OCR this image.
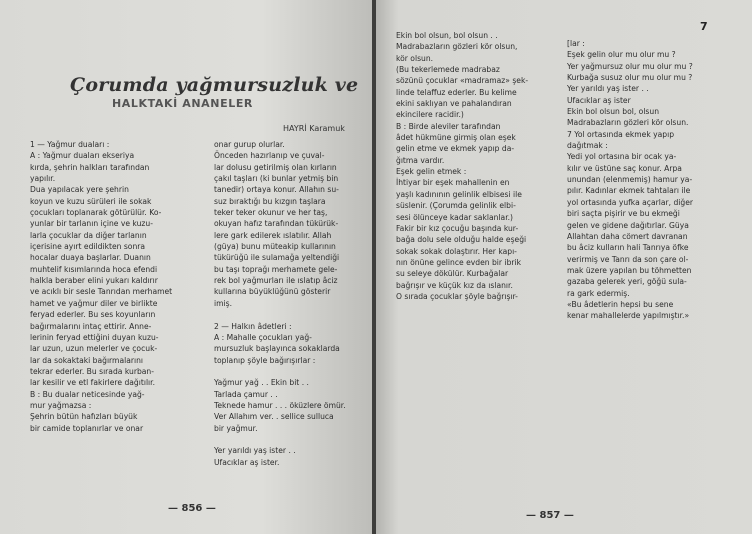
Çorumda yağmursuzluk ve
HALKTAKİ ANANELER
HAYRİ Karamuk
1 — Yağmur duaları :
A : Yağmur duaları ekseriya
kırda, şehrin halkları tarafından
yapılır.
Dua yapılacak yere şehrin
koyun ve kuzu sürüleri ile sokak
çocukları toplanarak götürülür. Ko-
yunlar bir tarlanın içine ve kuzu-
larla çocuklar da diğer tarlanın
içerisine ayırt edildikten sonra
hocalar duaya başlarlar. Duanın
muhtelif kısımlarında hoca efendi
halkla beraber elini yukarı kaldırır
ve acıklı bir sesle Tanrıdan merhamet
hamet ve yağmur diler ve birlikte
feryad ederler. Bu ses koyunların
bağırmalarını intaç ettirir. Anne-
lerinin feryad ettiğini duyan kuzu-
lar uzun, uzun melerler ve çocuk-
lar da sokaktaki bağırmalarını
tekrar ederler. Bu sırada kurban-
lar kesilir ve etl fakirlere dağıtılır.
B : Bu dualar neticesinde yağ-
mur yağmazsa :
Şehrin bütün hafızları büyük
bir camide toplanırlar ve onar
onar gurup olurlar.
Önceden hazırlanıp ve çuval-
lar dolusu getirilmiş olan kırların
çakıl taşları (ki bunlar yetmiş bin
tanedir) ortaya konur. Allahın su-
suz bıraktığı bu kızgın taşlara
teker teker okunur ve her taş,
okuyan hafız tarafından tükürük-
lere gark edilerek ıslatılır. Allah
(güya) bunu müteakip kullarının
tükürüğü ile sulamağa yeltendiği
bu taşı toprağı merhamete gele-
rek bol yağmurları ile ıslatıp âciz
kullarına büyüklüğünü gösterir
imiş.
2 — Halkın âdetleri :
A : Mahalle çocukları yağ-
mursuzluk başlayınca sokaklarda
toplanıp şöyle bağırışırlar :
Yağmur yağ . . Ekin bit . .
Tarlada çamur . .
Teknede hamur . . . öküzlere ömür.
Ver Allahım ver. . sellice sulluca
bir yağmur.
Yer yarıldı yaş ister . .
Ufacıklar aş ister.
— 856 —
Ekin bol olsun, bol olsun . .
Madrabazların gözleri kör olsun,
kör olsun.
(Bu tekerlemede madrabaz
sözünü çocuklar «madramaz» şek-
linde telaffuz ederler. Bu kelime
ekini saklıyan ve pahalandıran
ekincilere racidir.)
B : Birde aleviler tarafından
âdet hükmüne girmiş olan eşek
gelin etme ve ekmek yapıp da-
ğıtma vardır.
Eşek gelin etmek :
İhtiyar bir eşek mahallenin en
yaşlı kadınının gelinlik elbisesi ile
süslenir. (Çorumda gelinlik elbi-
sesi ölünceye kadar saklanlar.)
Fakir bir kız çocuğu başında kur-
bağa dolu sele olduğu halde eşeği
sokak sokak dolaştırır. Her kapı-
nın önüne gelince evden bir ibrik
su seleye dökülür. Kurbağalar
bağrışır ve küçük kız da ıslanır.
O sırada çocuklar şöyle bağrışır-
[lar :
Eşek gelin olur mu olur mu ?
Yer yağmursuz olur mu olur mu ?
Kurbağa susuz olur mu olur mu ?
Yer yarıldı yaş ister . .
Ufacıklar aş ister
Ekin bol olsun bol, olsun
Madrabazların gözleri kör olsun.
7 Yol ortasında ekmek yapıp
dağıtmak :
Yedi yol ortasına bir ocak ya-
kılır ve üstüne saç konur. Arpa
unundan (elenmemiş) hamur ya-
pılır. Kadınlar ekmek tahtaları ile
yol ortasında yufka açarlar, diğer
biri saçta pişirir ve bu ekmeği
gelen ve gidene dağıtırlar. Güya
Allahtan daha cömert davranan
bu âciz kulların hali Tanrıya öfke
verirmiş ve Tanrı da son çare ol-
mak üzere yapılan bu töhmetten
gazaba gelerek yeri, göğü sula-
ra gark edermiş.
«Bu âdetlerin hepsi bu sene
kenar mahallelerde yapılmıştır.»
— 857 —
7
